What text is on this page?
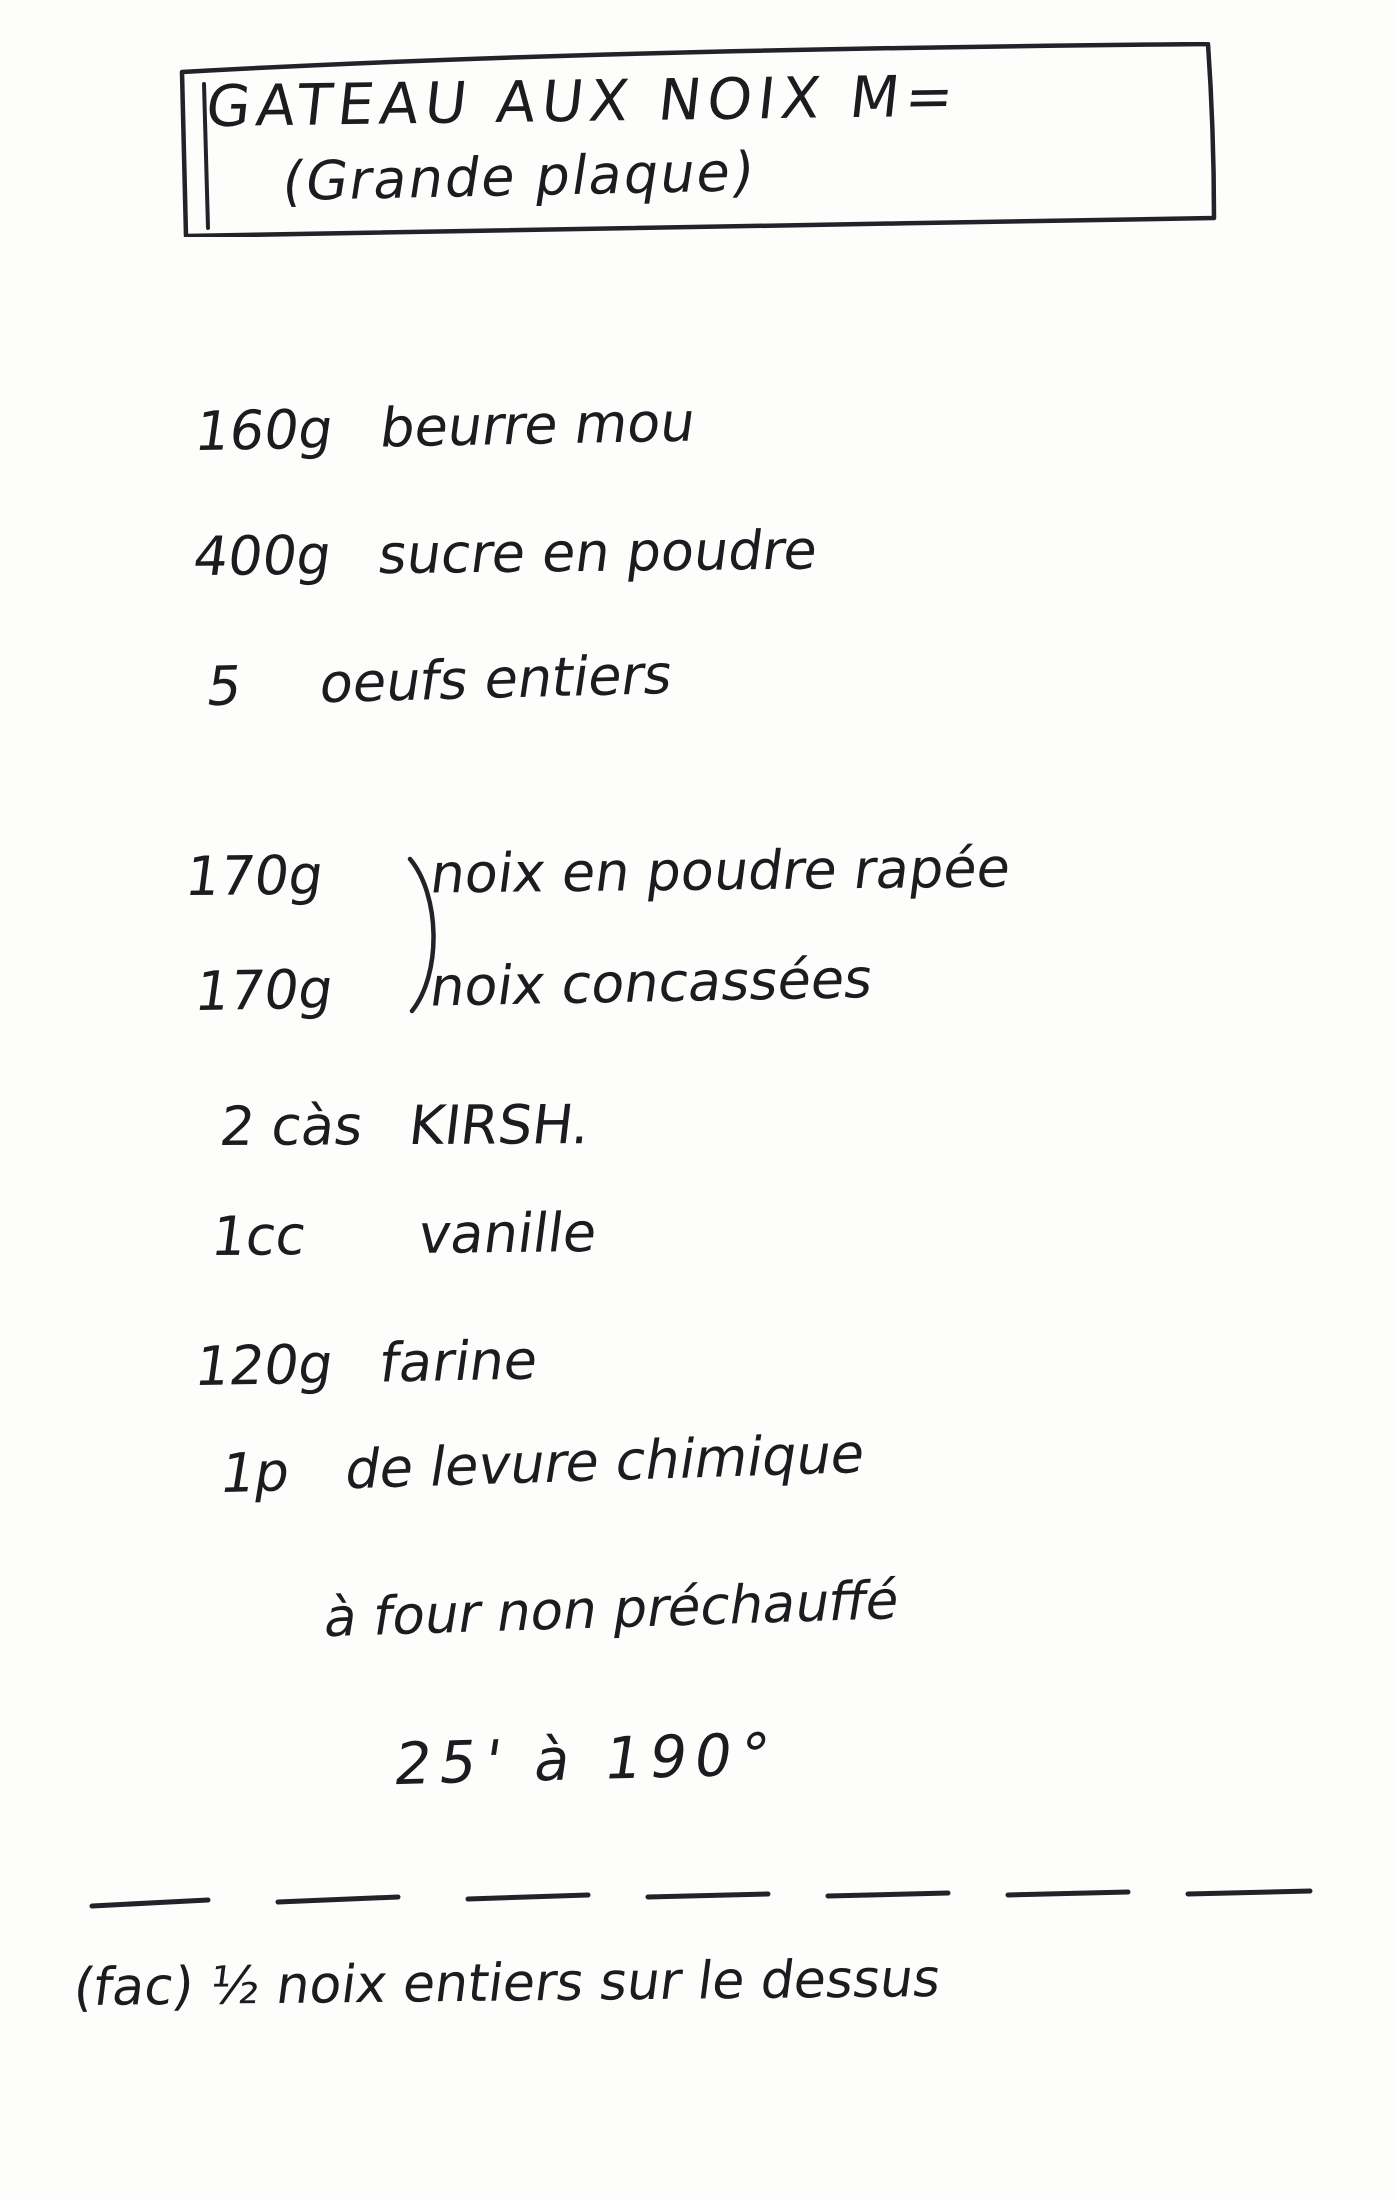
GATEAU AUX NOIX M=
(Grande plaque)
160g beurre mou
400g sucre en poudre
5 oeufs entiers
170g noix en poudre rapée
170g noix concassées
2 càs KIRSH.
1cc vanille
120g farine
1p de levure chimique
à four non préchauffé
25' à 190°
(fac) ½ noix entiers sur le dessus
